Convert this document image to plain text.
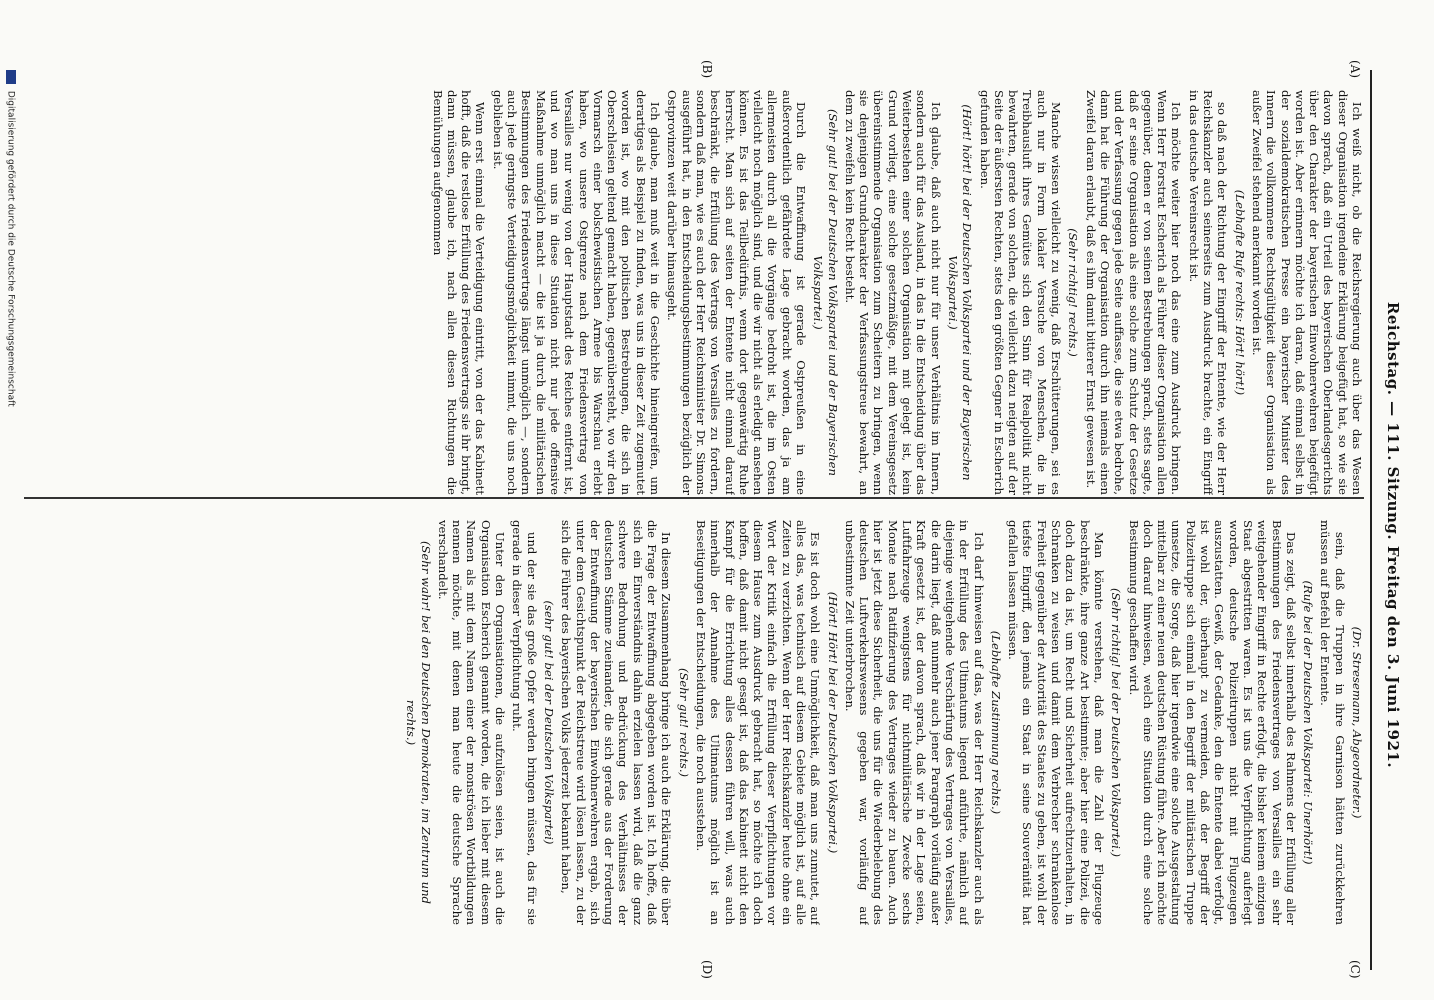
Reichstag. — 111. Sitzung. Freitag den 3. Juni 1921.
(A)
(B)
(C)
(D)

Ich weiß nicht, ob die Reichsregierung auch über das Wesen dieser Organisation irgendeine Erklärung beigefügt hat, so wie sie davon sprach, daß ein Urteil des bayerischen Oberlandesgerichts über den Charakter der bayerischen Einwohnerwehren beigefügt worden ist. Aber erinnern möchte ich daran, daß einmal selbst in der sozialdemokratischen Presse ein bayerischer Minister des Innern die vollkommene Rechtsgültigkeit dieser Organisation als außer Zweifel stehend anerkannt worden ist.

(Lebhafte Rufe rechts: Hört! hört!)

so daß nach der Richtung der Eingriff der Entente, wie der Herr Reichskanzler auch seinerseits zum Ausdruck brachte, ein Eingriff in das deutsche Vereinsrecht ist.

Ich möchte weiter hier noch das eine zum Ausdruck bringen. Wenn Herr Forstrat Escherich als Führer dieser Organisation allen gegenüber, denen er von seinen Bestrebungen sprach, stets sagte, daß er seine Organisation als eine solche zum Schutz der Gesetze und der Verfassung gegen jede Seite auffasse, die sie etwa bedrohe, dann hat die Führung der Organisation durch ihn niemals einen Zweifel daran erlaubt, daß es ihm damit bitterer Ernst gewesen ist.

(Sehr richtig! rechts.)

Manche wissen vielleicht zu wenig, daß Erschütterungen, sei es auch nur in Form lokaler Versuche von Menschen, die in Treibhausluft ihres Gemütes sich den Sinn für Realpolitik nicht bewahrten, gerade von solchen, die vielleicht dazu neigten auf der Seite der äußersten Rechten, stets den größten Gegner in Escherich gefunden haben.

(Hört! hört! bei der Deutschen Volkspartei und der Bayerischen Volkspartei.)

Ich glaube, daß auch nicht nur für unser Verhältnis im Innern, sondern auch für das Ausland, in das In die Entscheidung über das Weiterbestehen einer solchen Organisation mit gelegt ist, kein Grund vorliegt, eine solche gesetzmäßige, mit dem Vereinsgesetz übereinstimmende Organisation zum Scheitern zu bringen, wenn sie denjenigen Grundcharakter der Verfassungstreue bewahrt, an dem zu zweifeln kein Recht besteht.

(Sehr gut! bei der Deutschen Volkspartei und der Bayerischen Volkspartei.)

Durch die Entwaffnung ist gerade Ostpreußen in eine außerordentlich gefährdete Lage gebracht worden, das ja am allermeisten durch all die Vorgänge bedroht ist, die im Osten vielleicht noch möglich sind, und die wir nicht als erledigt ansehen können. Es ist das Teilbedürfnis, wenn dort gegenwärtig Ruhe herrscht. Man sich auf seiten der Entente nicht einmal darauf beschränkt, die Erfüllung des Vertrags von Versailles zu fordern, sondern daß man, wie es auch der Herr Reichsminister Dr. Simons ausgeführt hat, in den Entscheidungsbestimmungen bezüglich der Ostprovinzen weit darüber hinausgeht.

Ich glaube, man muß weit in die Geschichte hineingreifen, um derartiges als Beispiel zu finden, was uns in dieser Zeit zugemutet worden ist, wo mit den politischen Bestrebungen, die sich in Oberschlesien geltend gemacht haben, gegenübersteht, wo wir den Vormarsch einer bolschewistischen Armee bis Warschau erlebt haben, wo unsere Ostgrenze nach dem Friedensvertrag von Versailles nur wenig von der Hauptstadt des Reiches entfernt ist, und wo man uns in diese Situation nicht nur jede offensive Maßnahme unmöglich macht — die ist ja durch die militärischen Bestimmungen des Friedensvertrags längst unmöglich —, sondern auch jede geringste Verteidigungsmöglichkeit nimmt, die uns noch geblieben ist.

Wenn erst einmal die Verteidigung eintritt, von der das Kabinett hofft, daß die restlose Erfüllung des Friedensvertrags sie ihr bringt, dann müssen, glaube ich, nach allen diesen Richtungen die Bemühungen aufgenommen

(Dr. Stresemann, Abgeordneter.)

sein, daß die Truppen in ihre Garnison hätten zurückkehren müssen auf Befehl der Entente.

(Rufe bei der Deutschen Volkspartei: Unerhört!)

Das zeigt, daß selbst innerhalb des Rahmens der Erfüllung aller Bestimmungen des Friedensvertrages von Versailles ein sehr weitgehender Eingriff in Rechte erfolgt, die bisher keinem einzigen Staat abgestritten waren. Es ist uns die Verpflichtung auferlegt worden, deutsche Polizeitruppen nicht mit Flugzeugen auszustatten. Gewiß, der Gedanke, den die Entente dabei verfolgt, ist wohl der, überhaupt zu vermeiden, daß der Begriff der Polizeitruppe sich einmal in den Begriff der militärischen Truppe umsetze, die Sorge, daß hier irgendwie eine solche Ausgestaltung mittelbar zu einer neuen deutschen Rüstung führe. Aber ich möchte doch darauf hinweisen, welch eine Situation durch eine solche Bestimmung geschaffen wird.

(Sehr richtig! bei der Deutschen Volkspartei.)

Man könnte verstehen, daß man die Zahl der Flugzeuge beschränkte, ihre ganze Art bestimmte; aber hier eine Polizei, die doch dazu da ist, um Recht und Sicherheit aufrechtzuerhalten, in Schranken zu weisen und damit dem Verbrecher schrankenlose Freiheit gegenüber der Autorität des Staates zu geben, ist wohl der tiefste Eingriff, den jemals ein Staat in seine Souveränität hat gefallen lassen müssen.

(Lebhafte Zustimmung rechts.)

Ich darf hinweisen auf das, was der Herr Reichskanzler auch als in der Erfüllung des Ultimatums liegend anführte, nämlich auf diejenige weitgehende Verschärfung des Vertrages von Versailles, die darin liegt, daß nunmehr auch jener Paragraph vorläufig außer Kraft gesetzt ist, der davon sprach, daß wir in der Lage seien, Luftfahrzeuge wenigstens für nichtmilitärische Zwecke sechs Monate nach Ratifizierung des Vertrages wieder zu bauen. Auch hier ist jetzt diese Sicherheit, die uns für die Wiederbelebung des deutschen Luftverkehrswesens gegeben war, vorläufig auf unbestimmte Zeit unterbrochen.

(Hört! Hört! bei der Deutschen Volkspartei.)

Es ist doch wohl eine Unmöglichkeit, daß man uns zumutet, auf alles das, was technisch auf diesem Gebiete möglich ist, auf alle Zeiten zu verzichten. Wenn der Herr Reichskanzler heute ohne ein Wort der Kritik einfach die Erfüllung dieser Verpflichtungen vor diesem Hause zum Ausdruck gebracht hat, so möchte ich doch hoffen, daß damit nicht gesagt ist, daß das Kabinett nicht den Kampf für die Errichtung alles dessen führen will, was auch innerhalb der Annahme des Ultimatums möglich ist an Beseitigungen der Entscheidungen, die noch ausstehen.

(Sehr gut! rechts.)

In diesem Zusammenhang bringe ich auch die Erklärung, die über die Frage der Entwaffnung abgegeben worden ist. Ich hoffe, daß sich ein Einverständnis dahin erzielen lassen wird, daß die ganz schwere Bedrohung und Bedrückung des Verhältnisses der deutschen Stämme zueinander, die sich gerade aus der Forderung der Entwaffnung der bayerischen Einwohnerwehren ergab, sich unter dem Gesichtspunkt der Reichstreue wird lösen lassen, zu der sich die Führer des bayerischen Volks jederzeit bekannt haben,

(sehr gut! bei der Deutschen Volkspartei)

und der sie das große Opfer werden bringen müssen, das für sie gerade in dieser Verpflichtung ruht.

Unter den Organisationen, die aufzulösen seien, ist auch die Organisation Escherich genannt worden, die ich lieber mit diesem Namen als mit dem Namen einer der monströsen Wortbildungen nennen möchte, mit denen man heute die deutsche Sprache verschandelt.

(Sehr wahr! bei den Deutschen Demokraten, im Zentrum und rechts.)

Digitalisierung gefördert durch die Deutsche Forschungsgemeinschaft
